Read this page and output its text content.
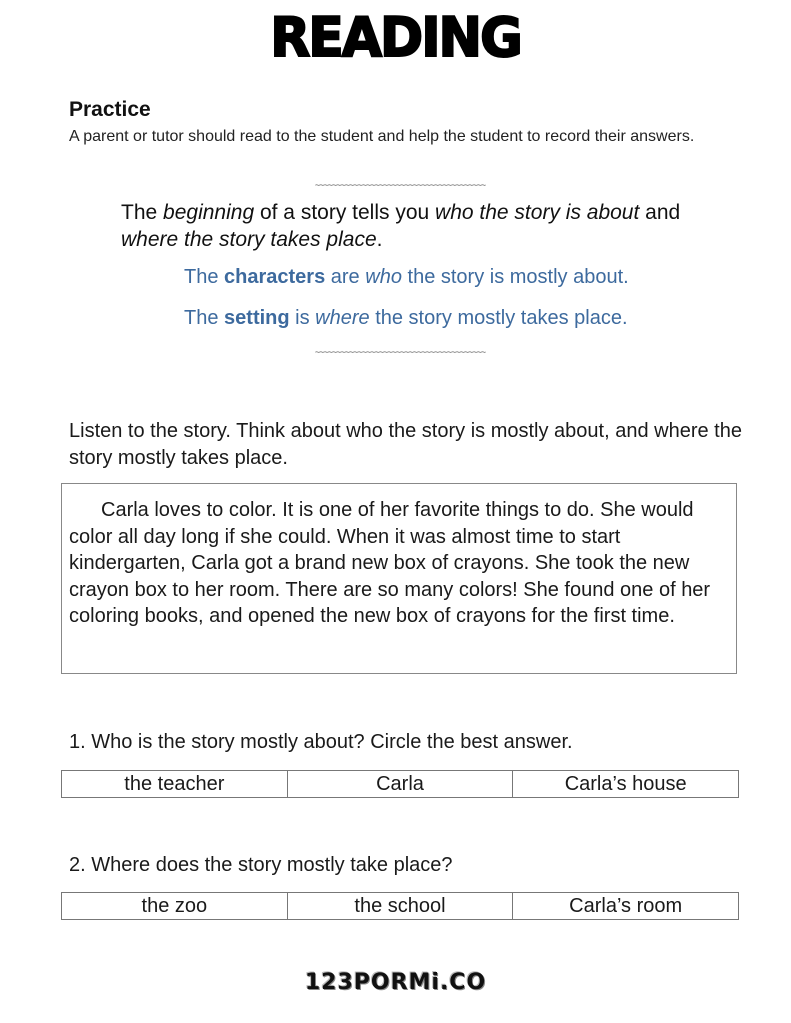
READING
Practice
A parent or tutor should read to the student and help the student to record their answers.
~~~~~~~~~~~~~~~~~~~~~~~~~~~~~~~~~~~~~~~~
The beginning of a story tells you who the story is about and where the story takes place.
The characters are who the story is mostly about.
The setting is where the story mostly takes place.
~~~~~~~~~~~~~~~~~~~~~~~~~~~~~~~~~~~~~~~~
Listen to the story. Think about who the story is mostly about, and where the story mostly takes place.
Carla loves to color. It is one of her favorite things to do. She would color all day long if she could. When it was almost time to start kindergarten, Carla got a brand new box of crayons. She took the new crayon box to her room. There are so many colors! She found one of her coloring books, and opened the new box of crayons for the first time.
1. Who is the story mostly about? Circle the best answer.
the teacher	Carla	Carla’s house
2. Where does the story mostly take place?
the zoo	the school	Carla’s room
123PORMi.CO
